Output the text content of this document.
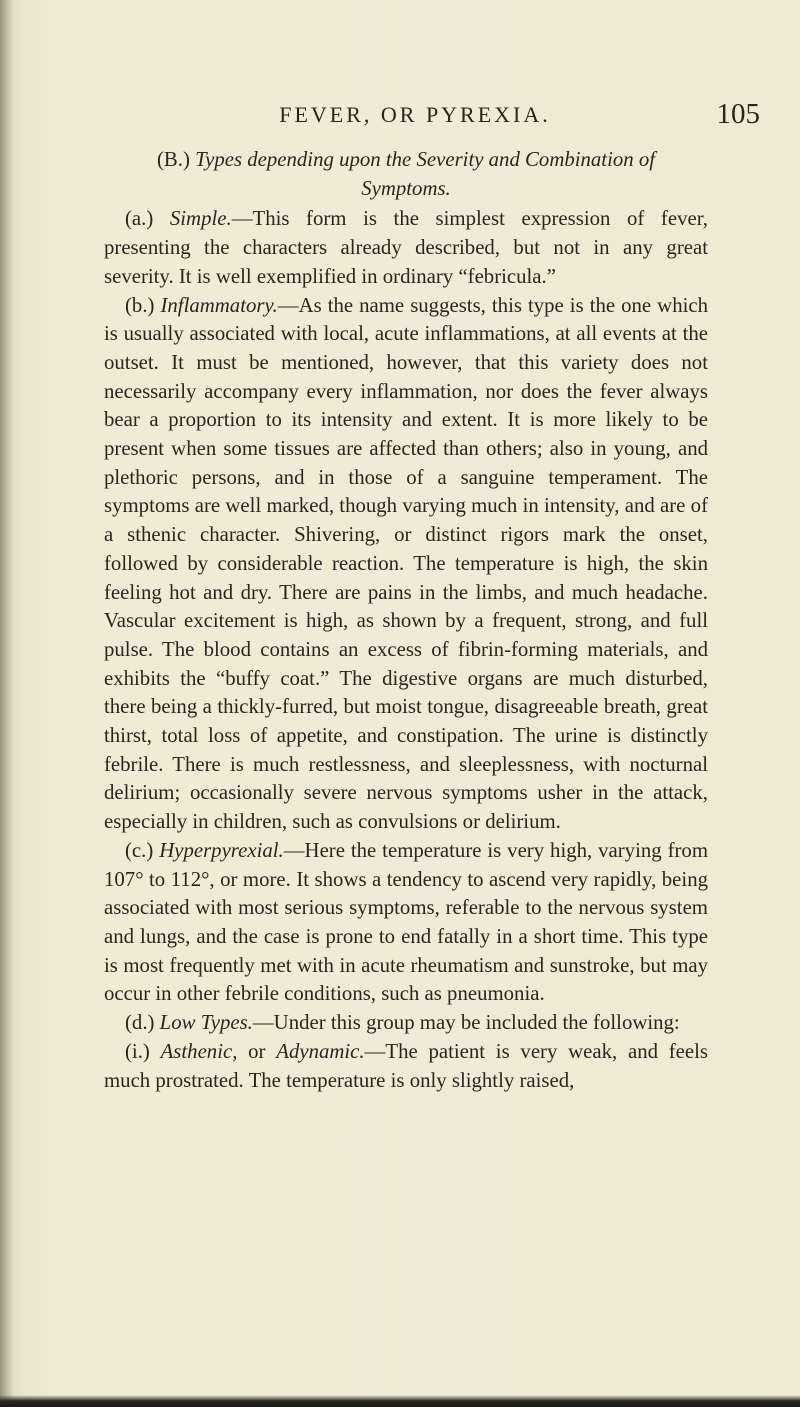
FEVER, OR PYREXIA.	105

(B.) Types depending upon the Severity and Combination of Symptoms.

(a.) Simple.—This form is the simplest expression of fever, presenting the characters already described, but not in any great severity. It is well exemplified in ordinary “febricula.”

(b.) Inflammatory.—As the name suggests, this type is the one which is usually associated with local, acute inflammations, at all events at the outset. It must be mentioned, however, that this variety does not necessarily accompany every inflammation, nor does the fever always bear a proportion to its intensity and extent. It is more likely to be present when some tissues are affected than others; also in young, and plethoric persons, and in those of a sanguine temperament. The symptoms are well marked, though varying much in intensity, and are of a sthenic character. Shivering, or distinct rigors mark the onset, followed by considerable reaction. The temperature is high, the skin feeling hot and dry. There are pains in the limbs, and much headache. Vascular excitement is high, as shown by a frequent, strong, and full pulse. The blood contains an excess of fibrin-forming materials, and exhibits the “buffy coat.” The digestive organs are much disturbed, there being a thickly-furred, but moist tongue, disagreeable breath, great thirst, total loss of appetite, and constipation. The urine is distinctly febrile. There is much restlessness, and sleeplessness, with nocturnal delirium; occasionally severe nervous symptoms usher in the attack, especially in children, such as convulsions or delirium.

(c.) Hyperpyrexial.—Here the temperature is very high, varying from 107° to 112°, or more. It shows a tendency to ascend very rapidly, being associated with most serious symptoms, referable to the nervous system and lungs, and the case is prone to end fatally in a short time. This type is most frequently met with in acute rheumatism and sunstroke, but may occur in other febrile conditions, such as pneumonia.

(d.) Low Types.—Under this group may be included the following:

(i.) Asthenic, or Adynamic.—The patient is very weak, and feels much prostrated. The temperature is only slightly raised,
